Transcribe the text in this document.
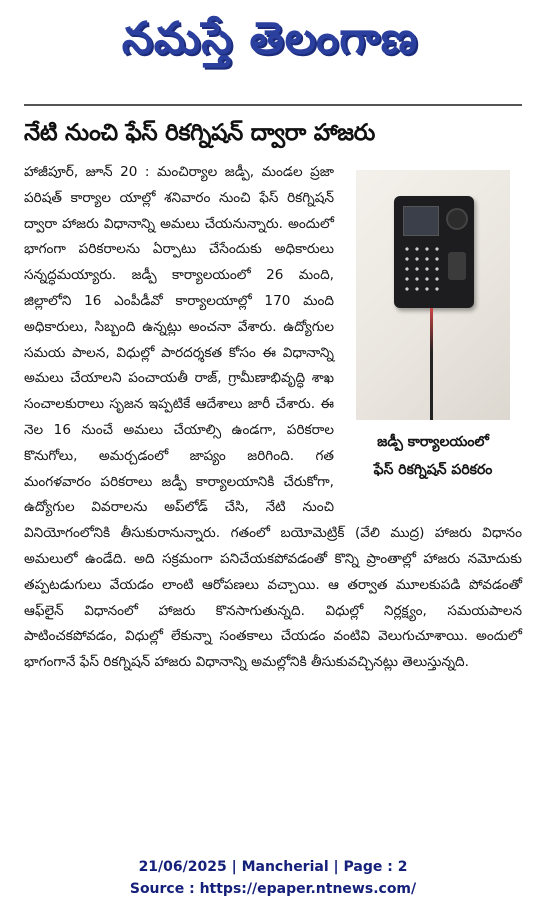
నమస్తే తెలంగాణ
నేటి నుంచి ఫేస్ రికగ్నిషన్ ద్వారా హాజరు
జడ్పీ కార్యాలయంలో
ఫేస్ రికగ్నిషన్ పరికరం
హాజీపూర్, జూన్ 20 : మంచిర్యాల జడ్పీ, మండల ప్రజా పరిషత్ కార్యాల యాల్లో శనివారం నుంచి ఫేస్ రికగ్నిషన్ ద్వారా హాజరు విధానాన్ని అమలు చేయనున్నారు. అందులో భాగంగా పరికరాలను ఏర్పాటు చేసేందుకు అధికారులు సన్నద్ధమయ్యారు. జడ్పీ కార్యాలయంలో 26 మంది, జిల్లాలోని 16 ఎంపీడీవో కార్యాలయాల్లో 170 మంది అధికారులు, సిబ్బంది ఉన్నట్లు అంచనా వేశారు. ఉద్యోగుల సమయ పాలన, విధుల్లో పారదర్శకత కోసం ఈ విధానాన్ని అమలు చేయాలని పంచాయతీ రాజ్, గ్రామీణాభివృద్ధి శాఖ సంచాలకురాలు సృజన ఇప్పటికే ఆదేశాలు జారీ చేశారు. ఈ నెల 16 నుంచే అమలు చేయాల్సి ఉండగా, పరికరాల కొనుగోలు, అమర్చడంలో జాప్యం జరిగింది. గత మంగళవారం పరికరాలు జడ్పీ కార్యాలయానికి చేరుకోగా, ఉద్యోగుల వివరాలను అప్‌లోడ్ చేసి, నేటి నుంచి వినియోగంలోనికి తీసుకురానున్నారు. గతంలో బయోమెట్రిక్ (వేలి ముద్ర) హాజరు విధానం అమలులో ఉండేది. అది సక్రమంగా పనిచేయకపోవడంతో కొన్ని ప్రాంతాల్లో హాజరు నమోదుకు తప్పటడుగులు వేయడం లాంటి ఆరోపణలు వచ్చాయి. ఆ తర్వాత మూలకుపడి పోవడంతో ఆఫ్‌లైన్ విధానంలో హాజరు కొనసాగుతున్నది. విధుల్లో నిర్లక్ష్యం, సమయపాలన పాటించకపోవడం, విధుల్లో లేకున్నా సంతకాలు చేయడం వంటివి వెలుగుచూశాయి. అందులో భాగంగానే ఫేస్ రికగ్నిషన్ హాజరు విధానాన్ని అమల్లోనికి తీసుకువచ్చినట్లు తెలుస్తున్నది.
21/06/2025 | Mancherial | Page : 2
Source : https://epaper.ntnews.com/
